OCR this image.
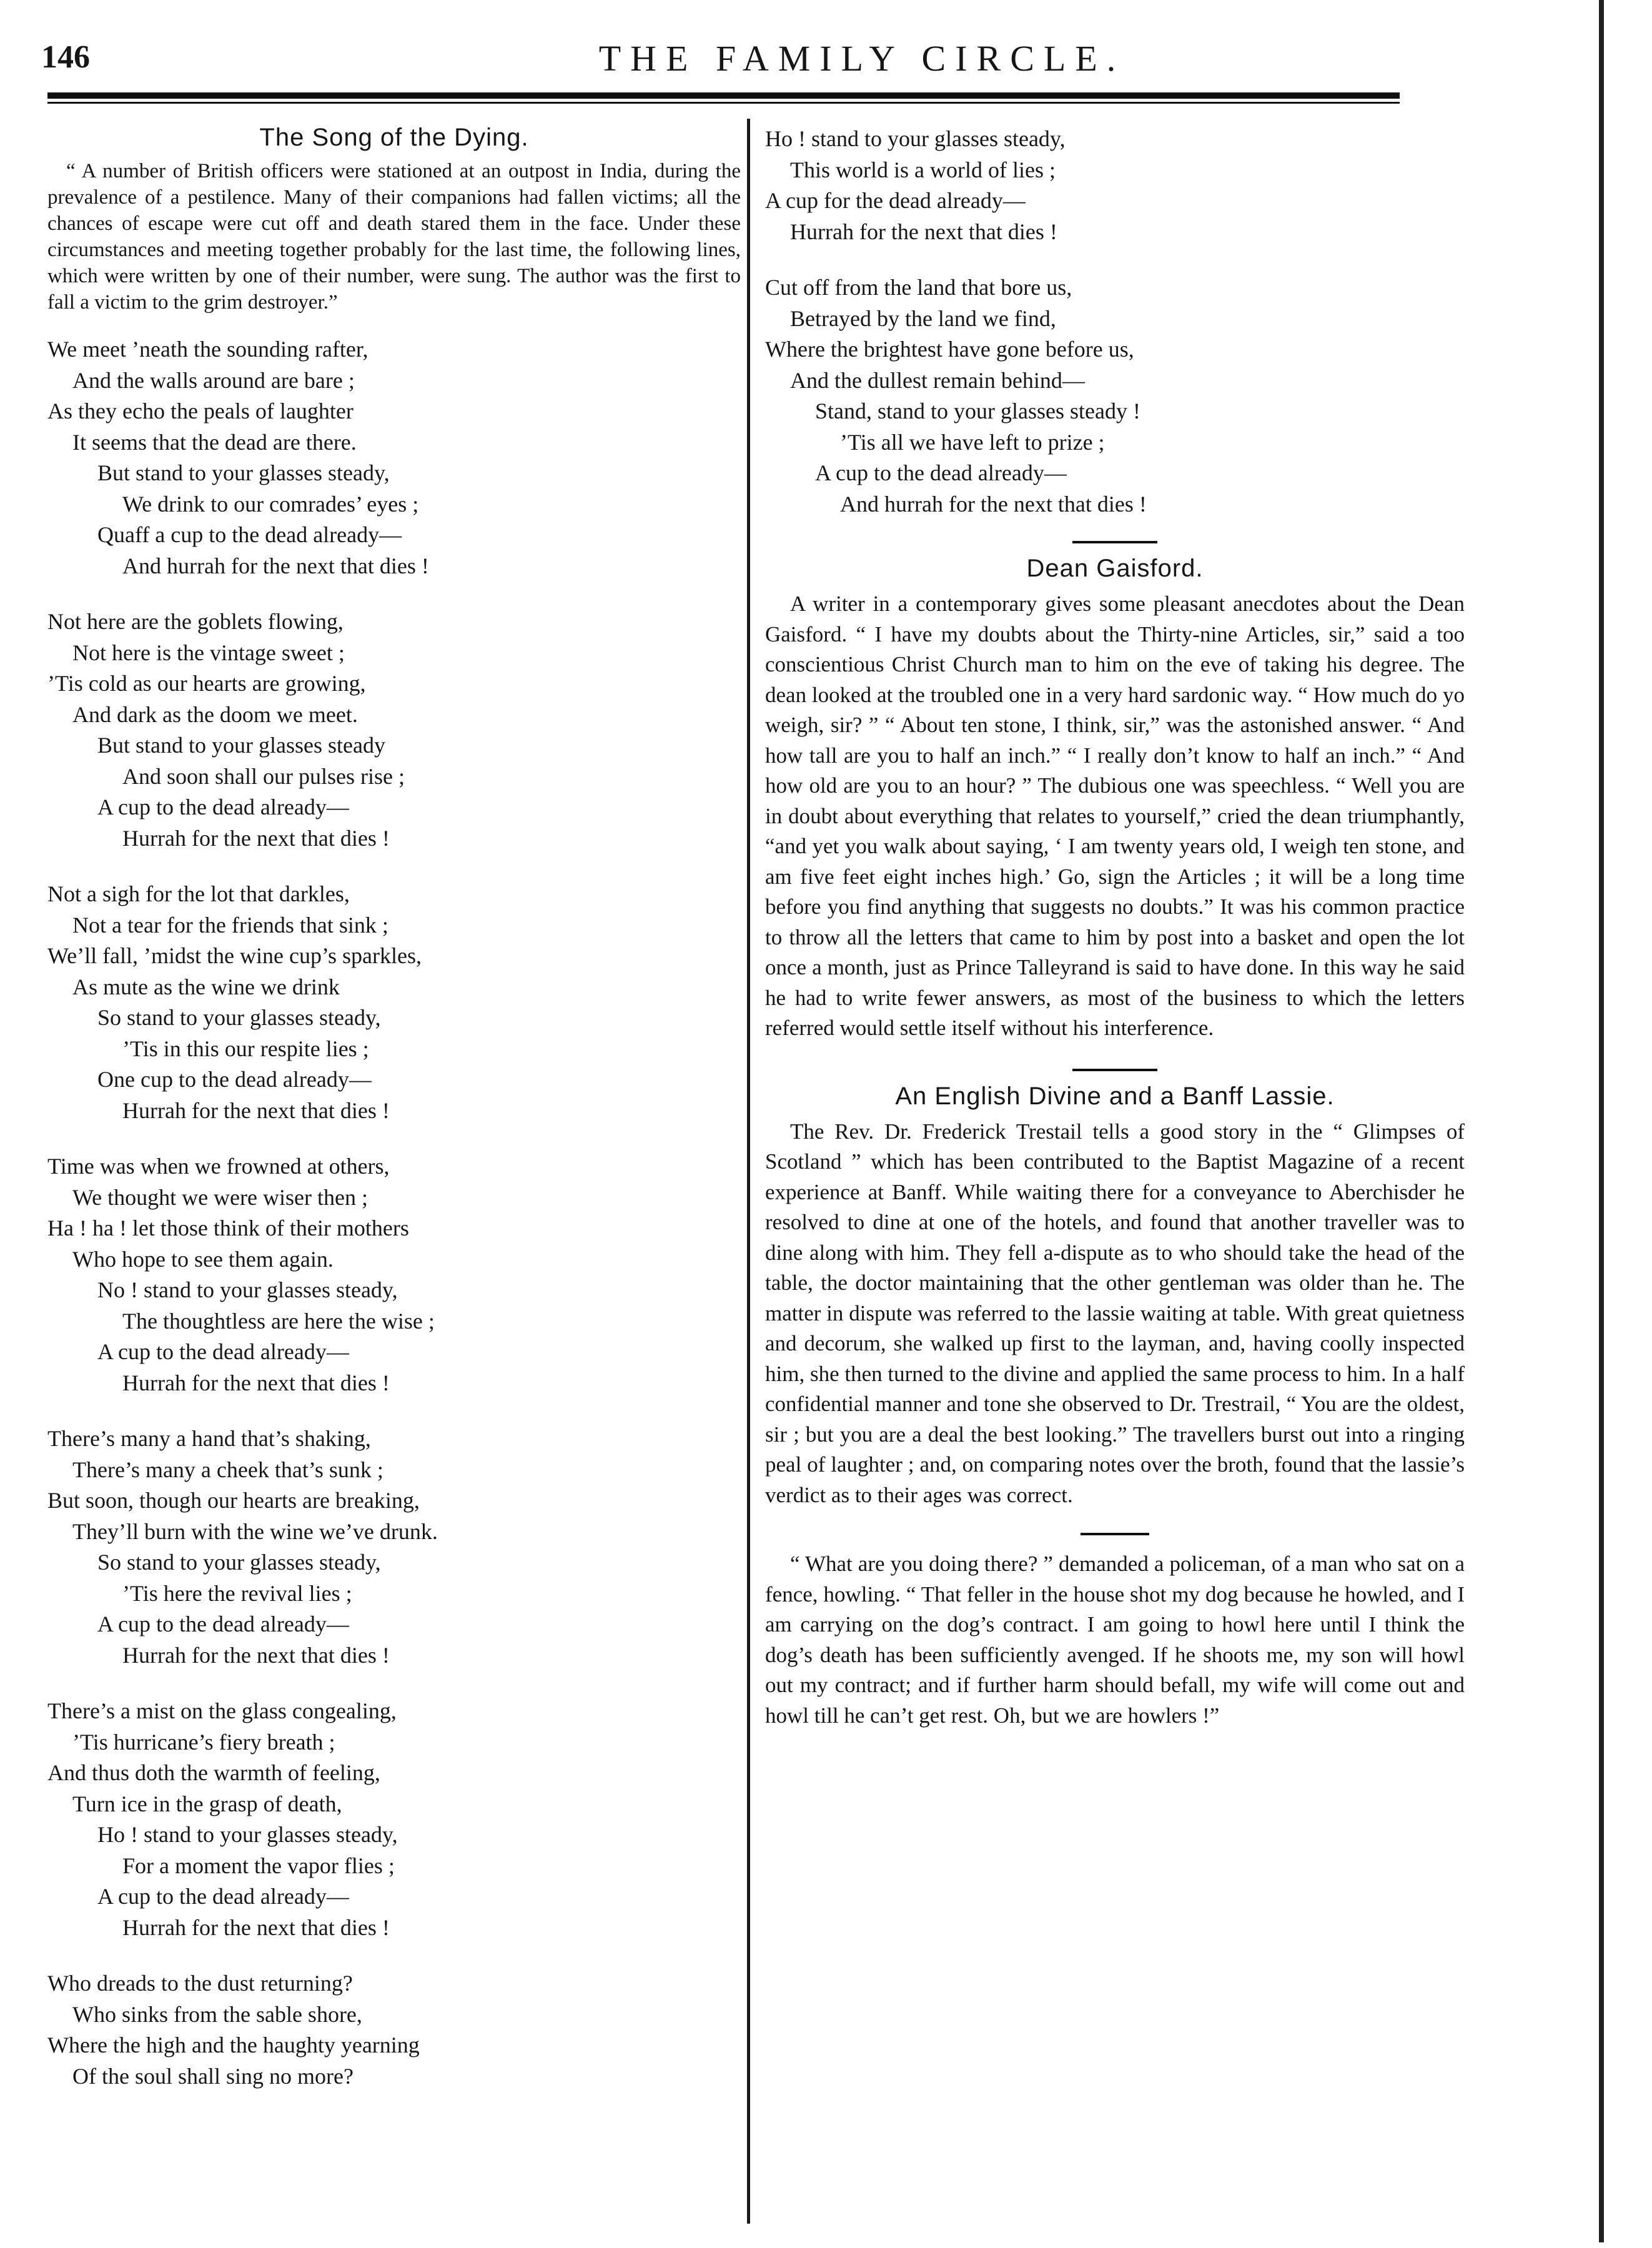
146	THE FAMILY CIRCLE.
The Song of the Dying.

“ A number of British officers were stationed at an outpost in India, during the prevalence of a pestilence. Many of their companions had fallen victims; all the chances of escape were cut off and death stared them in the face. Under these circumstances and meeting together probably for the last time, the following lines, which were written by one of their number, were sung. The author was the first to fall a victim to the grim destroyer.”

We meet ’neath the sounding rafter,
And the walls around are bare ;
As they echo the peals of laughter
It seems that the dead are there.
But stand to your glasses steady,
We drink to our comrades’ eyes ;
Quaff a cup to the dead already—
And hurrah for the next that dies !
Not here are the goblets flowing,
Not here is the vintage sweet ;
’Tis cold as our hearts are growing,
And dark as the doom we meet.
But stand to your glasses steady
And soon shall our pulses rise ;
A cup to the dead already—
Hurrah for the next that dies !
Not a sigh for the lot that darkles,
Not a tear for the friends that sink ;
We’ll fall, ’midst the wine cup’s sparkles,
As mute as the wine we drink
So stand to your glasses steady,
’Tis in this our respite lies ;
One cup to the dead already—
Hurrah for the next that dies !
Time was when we frowned at others,
We thought we were wiser then ;
Ha ! ha ! let those think of their mothers
Who hope to see them again.
No ! stand to your glasses steady,
The thoughtless are here the wise ;
A cup to the dead already—
Hurrah for the next that dies !
There’s many a hand that’s shaking,
There’s many a cheek that’s sunk ;
But soon, though our hearts are breaking,
They’ll burn with the wine we’ve drunk.
So stand to your glasses steady,
’Tis here the revival lies ;
A cup to the dead already—
Hurrah for the next that dies !
There’s a mist on the glass congealing,
’Tis hurricane’s fiery breath ;
And thus doth the warmth of feeling,
Turn ice in the grasp of death,
Ho ! stand to your glasses steady,
For a moment the vapor flies ;
A cup to the dead already—
Hurrah for the next that dies !
Who dreads to the dust returning?
Who sinks from the sable shore,
Where the high and the haughty yearning
Of the soul shall sing no more?
Ho ! stand to your glasses steady,
This world is a world of lies ;
A cup for the dead already—
Hurrah for the next that dies !
Cut off from the land that bore us,
Betrayed by the land we find,
Where the brightest have gone before us,
And the dullest remain behind—
Stand, stand to your glasses steady !
’Tis all we have left to prize ;
A cup to the dead already—
And hurrah for the next that dies !
Dean Gaisford.

A writer in a contemporary gives some pleasant anecdotes about the Dean Gaisford. “ I have my doubts about the Thirty-nine Articles, sir,” said a too conscientious Christ Church man to him on the eve of taking his degree. The dean looked at the troubled one in a very hard sardonic way. “ How much do yo weigh, sir? ” “ About ten stone, I think, sir,” was the astonished answer. “ And how tall are you to half an inch.” “ I really don’t know to half an inch.” “ And how old are you to an hour? ” The dubious one was speechless. “ Well you are in doubt about everything that relates to yourself,” cried the dean triumphantly, “and yet you walk about saying, ‘ I am twenty years old, I weigh ten stone, and am five feet eight inches high.’ Go, sign the Articles ; it will be a long time before you find anything that suggests no doubts.” It was his common practice to throw all the letters that came to him by post into a basket and open the lot once a month, just as Prince Talleyrand is said to have done. In this way he said he had to write fewer answers, as most of the business to which the letters referred would settle itself without his interference.

An English Divine and a Banff Lassie.

The Rev. Dr. Frederick Trestail tells a good story in the “ Glimpses of Scotland ” which has been contributed to the Baptist Magazine of a recent experience at Banff. While waiting there for a conveyance to Aberchisder he resolved to dine at one of the hotels, and found that another traveller was to dine along with him. They fell a-dispute as to who should take the head of the table, the doctor maintaining that the other gentleman was older than he. The matter in dispute was referred to the lassie waiting at table. With great quietness and decorum, she walked up first to the layman, and, having coolly inspected him, she then turned to the divine and applied the same process to him. In a half confidential manner and tone she observed to Dr. Trestrail, “ You are the oldest, sir ; but you are a deal the best looking.” The travellers burst out into a ringing peal of laughter ; and, on comparing notes over the broth, found that the lassie’s verdict as to their ages was correct.

“ What are you doing there? ” demanded a policeman, of a man who sat on a fence, howling. “ That feller in the house shot my dog because he howled, and I am carrying on the dog’s contract. I am going to howl here until I think the dog’s death has been sufficiently avenged. If he shoots me, my son will howl out my contract; and if further harm should befall, my wife will come out and howl till he can’t get rest. Oh, but we are howlers !”
